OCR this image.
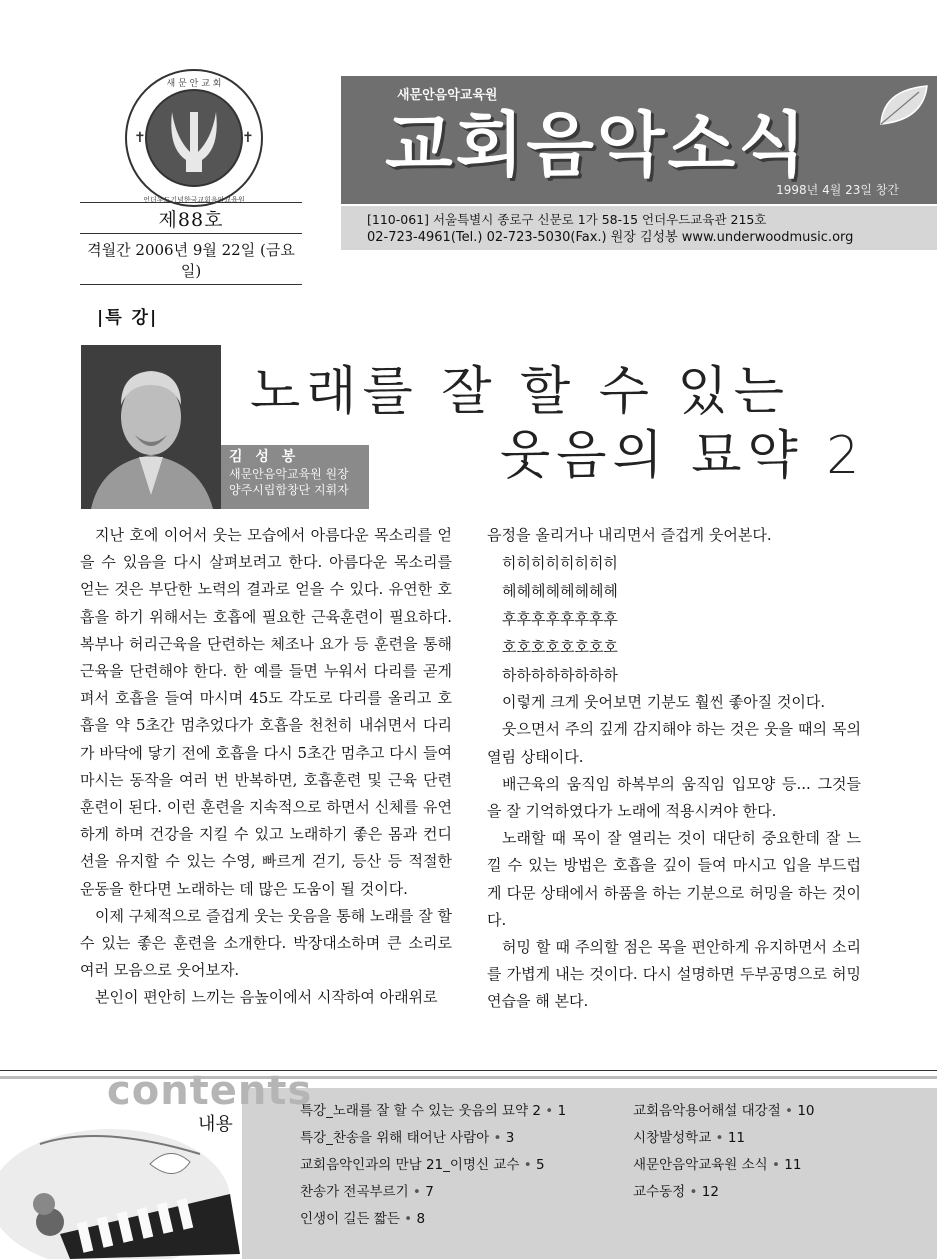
새 문 안 교 회
언더우드기념한국교회음악교육원
✝	✝
제88호
격월간 2006년 9월 22일 (금요일)
새문안음악교육원
교회음악소식
1998년 4월 23일 창간
[110-061] 서울특별시 종로구 신문로 1가 58-15 언더우드교육관 215호
02-723-4961(Tel.) 02-723-5030(Fax.) 원장 김성봉 www.underwoodmusic.org
|특 강|
김 성 봉
새문안음악교육원 원장
양주시립합창단 지휘자
노래를 잘 할 수 있는
웃음의 묘약 2

지난 호에 이어서 웃는 모습에서 아름다운 목소리를 얻을 수 있음을 다시 살펴보려고 한다. 아름다운 목소리를 얻는 것은 부단한 노력의 결과로 얻을 수 있다. 유연한 호흡을 하기 위해서는 호흡에 필요한 근육훈련이 필요하다. 복부나 허리근육을 단련하는 체조나 요가 등 훈련을 통해 근육을 단련해야 한다. 한 예를 들면 누워서 다리를 곧게 펴서 호흡을 들여 마시며 45도 각도로 다리를 올리고 호흡을 약 5초간 멈추었다가 호흡을 천천히 내쉬면서 다리가 바닥에 닿기 전에 호흡을 다시 5초간 멈추고 다시 들여 마시는 동작을 여러 번 반복하면, 호흡훈련 및 근육 단련 훈련이 된다. 이런 훈련을 지속적으로 하면서 신체를 유연하게 하며 건강을 지킬 수 있고 노래하기 좋은 몸과 컨디션을 유지할 수 있는 수영, 빠르게 걷기, 등산 등 적절한 운동을 한다면 노래하는 데 많은 도움이 될 것이다.

이제 구체적으로 즐겁게 웃는 웃음을 통해 노래를 잘 할 수 있는 좋은 훈련을 소개한다. 박장대소하며 큰 소리로 여러 모음으로 웃어보자.

본인이 편안히 느끼는 음높이에서 시작하여 아래위로

음정을 올리거나 내리면서 즐겁게 웃어본다.

히히히히히히히히
헤헤헤헤헤헤헤헤
후후후후후후후후
호호호호호호호호
하하하하하하하하

이렇게 크게 웃어보면 기분도 훨씬 좋아질 것이다.

웃으면서 주의 깊게 감지해야 하는 것은 웃을 때의 목의 열림 상태이다.

배근육의 움직임 하복부의 움직임 입모양 등... 그것들을 잘 기억하였다가 노래에 적용시켜야 한다.

노래할 때 목이 잘 열리는 것이 대단히 중요한데 잘 느낄 수 있는 방법은 호흡을 깊이 들여 마시고 입을 부드럽게 다문 상태에서 하품을 하는 기분으로 허밍을 하는 것이다.

허밍 할 때 주의할 점은 목을 편안하게 유지하면서 소리를 가볍게 내는 것이다. 다시 설명하면 두부공명으로 허밍연습을 해 본다.

contents
내용
특강_노래를 잘 할 수 있는 웃음의 묘약 2 • 1
특강_찬송을 위해 태어난 사람아 • 3
교회음악인과의 만남 21_이명신 교수 • 5
찬송가 전곡부르기 • 7
인생이 길든 짧든 • 8
교회음악용어해설 대강절 • 10
시창발성학교 • 11
새문안음악교육원 소식 • 11
교수동정 • 12
